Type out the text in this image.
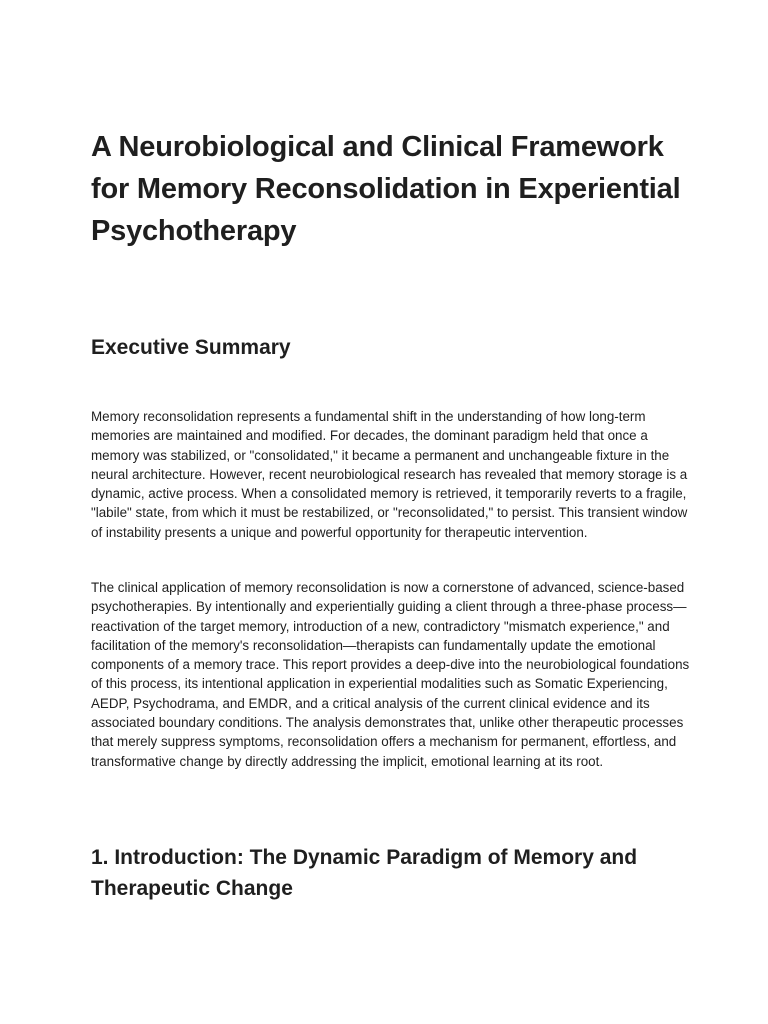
A Neurobiological and Clinical Framework for Memory Reconsolidation in Experiential Psychotherapy
Executive Summary

Memory reconsolidation represents a fundamental shift in the understanding of how long-term memories are maintained and modified. For decades, the dominant paradigm held that once a memory was stabilized, or "consolidated," it became a permanent and unchangeable fixture in the neural architecture. However, recent neurobiological research has revealed that memory storage is a dynamic, active process. When a consolidated memory is retrieved, it temporarily reverts to a fragile, "labile" state, from which it must be restabilized, or "reconsolidated," to persist. This transient window of instability presents a unique and powerful opportunity for therapeutic intervention.

The clinical application of memory reconsolidation is now a cornerstone of advanced, science-based psychotherapies. By intentionally and experientially guiding a client through a three-phase process—reactivation of the target memory, introduction of a new, contradictory "mismatch experience," and facilitation of the memory's reconsolidation—therapists can fundamentally update the emotional components of a memory trace. This report provides a deep-dive into the neurobiological foundations of this process, its intentional application in experiential modalities such as Somatic Experiencing, AEDP, Psychodrama, and EMDR, and a critical analysis of the current clinical evidence and its associated boundary conditions. The analysis demonstrates that, unlike other therapeutic processes that merely suppress symptoms, reconsolidation offers a mechanism for permanent, effortless, and transformative change by directly addressing the implicit, emotional learning at its root.

1. Introduction: The Dynamic Paradigm of Memory and Therapeutic Change
